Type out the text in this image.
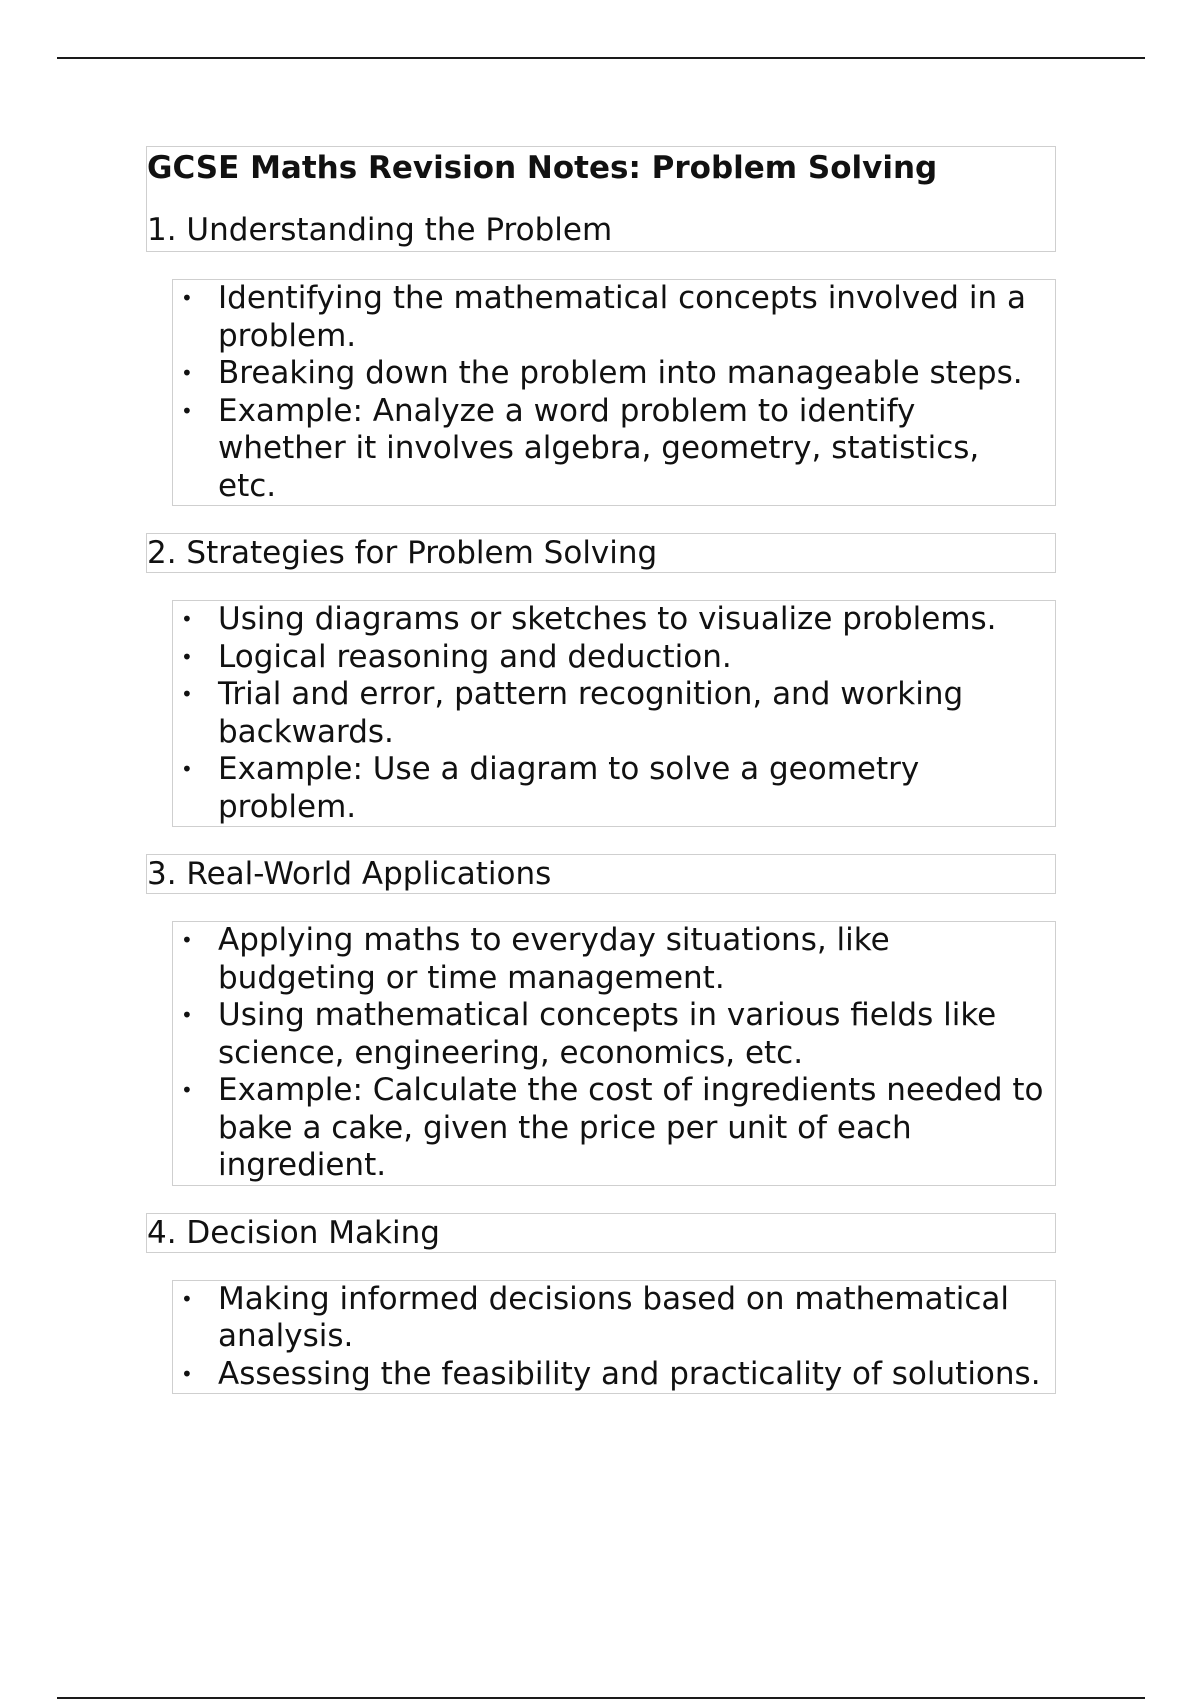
GCSE Maths Revision Notes: Problem Solving
1. Understanding the Problem
• Identifying the mathematical concepts involved in a problem.
• Breaking down the problem into manageable steps.
• Example: Analyze a word problem to identify whether it involves algebra, geometry, statistics, etc.
2. Strategies for Problem Solving
• Using diagrams or sketches to visualize problems.
• Logical reasoning and deduction.
• Trial and error, pattern recognition, and working backwards.
• Example: Use a diagram to solve a geometry problem.
3. Real-World Applications
• Applying maths to everyday situations, like budgeting or time management.
• Using mathematical concepts in various fields like science, engineering, economics, etc.
• Example: Calculate the cost of ingredients needed to bake a cake, given the price per unit of each ingredient.
4. Decision Making
• Making informed decisions based on mathematical analysis.
• Assessing the feasibility and practicality of solutions.
